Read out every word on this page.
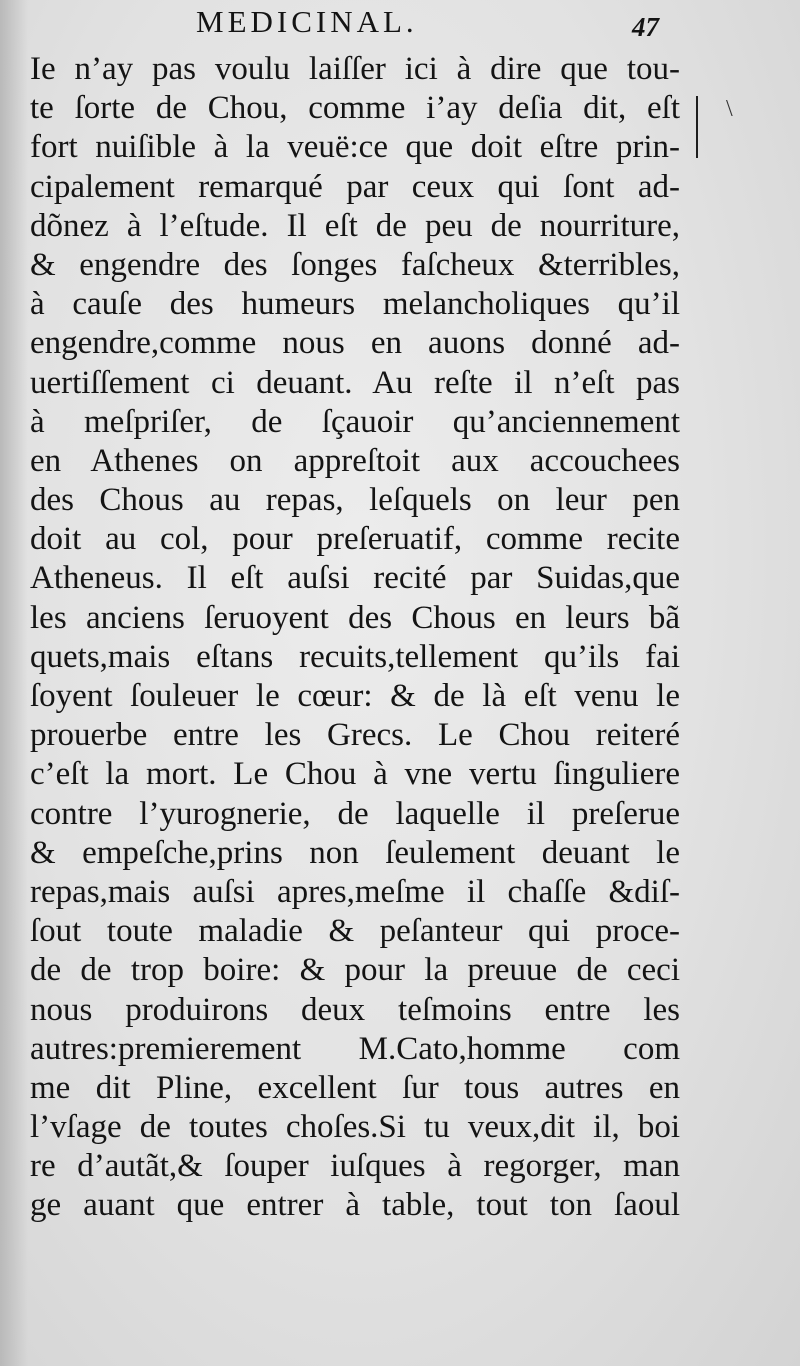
MEDICINAL.	47
Ie n’ay pas voulu laiſſer ici à dire que tou-
te ſorte de Chou, comme i’ay deſia dit, eſt
fort nuiſible à la veuë:ce que doit eſtre prin-
cipalement remarqué par ceux qui ſont ad-
dõnez à l’eſtude. Il eſt de peu de nourriture,
& engendre des ſonges faſcheux &terribles,
à cauſe des humeurs melancholiques qu’il
engendre,comme nous en auons donné ad-
uertiſſement ci deuant. Au reſte il n’eſt pas
à meſpriſer, de ſçauoir qu’anciennement
en Athenes on appreſtoit aux accouchees
des Chous au repas, leſquels on leur pen
doit au col, pour preſeruatif, comme recite
Atheneus. Il eſt auſsi recité par Suidas,que
les anciens ſeruoyent des Chous en leurs bã
quets,mais eſtans recuits,tellement qu’ils fai
ſoyent ſouleuer le cœur: & de là eſt venu le
prouerbe entre les Grecs. Le Chou reiteré
c’eſt la mort. Le Chou à vne vertu ſinguliere
contre l’yurognerie, de laquelle il preſerue
& empeſche,prins non ſeulement deuant le
repas,mais auſsi apres,meſme il chaſſe &diſ-
ſout toute maladie & peſanteur qui proce-
de de trop boire: & pour la preuue de ceci
nous produirons deux teſmoins entre les
autres:premierement M.Cato,homme com
me dit Pline, excellent ſur tous autres en
l’vſage de toutes choſes.Si tu veux,dit il, boi
re d’autãt,& ſouper iuſques à regorger, man
ge auant que entrer à table, tout ton ſaoul
\
